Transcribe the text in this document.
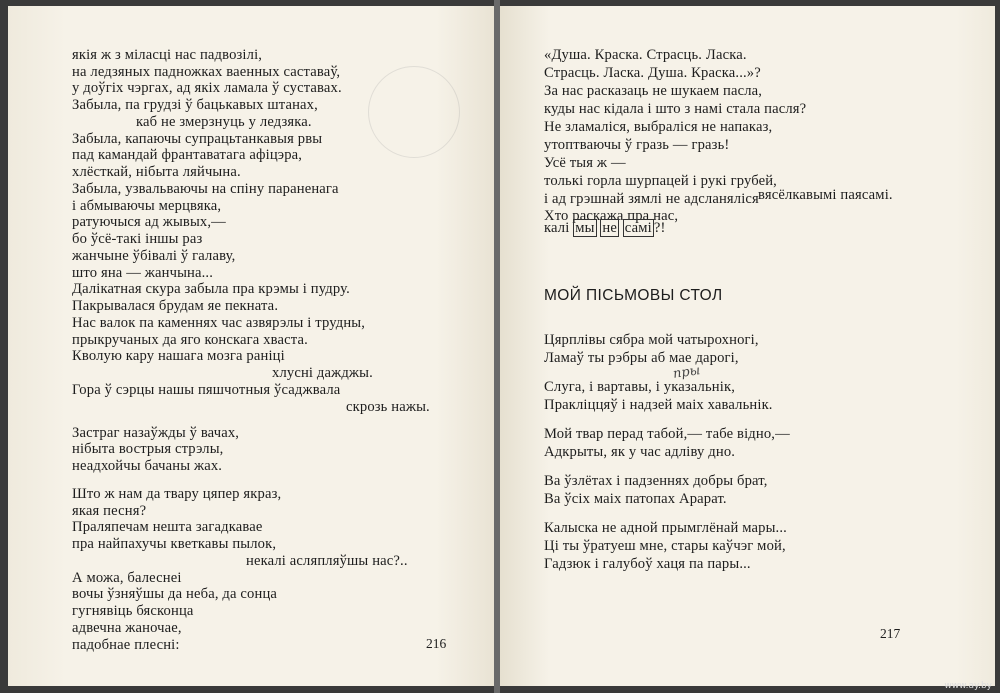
якія ж з міласці нас падвозілі,
на ледзяных падножках ваенных саставаў,
у доўгіх чэргах, ад якіх ламала ў суставах.
Забыла, па грудзі ў бацькавых штанах,
каб не змерзнуць у ледзяка.
Забыла, капаючы супрацьтанкавыя рвы
пад камандай франтаватага афіцэра,
хлёсткай, нібыта ляйчына.
Забыла, узвальваючы на спіну параненага
і абмываючы мерцвяка,
ратуючыся ад жывых,—
бо ўсё-такі іншы раз
жанчыне ўбівалі ў галаву,
што яна — жанчына...
Далікатная скура забыла пра крэмы і пудру.
Пакрывалася брудам яе пекната.
Нас валок па каменнях час азвярэлы і трудны,
прыкручаных да яго конскага хваста.
Кволую кару нашага мозга раніці
хлусні дажджы.
Гора ў сэрцы нашы пяшчотныя ўсаджвала
скрозь нажы.
Застраг назаўжды ў вачах,
нібыта вострыя стрэлы,
неадхойчы бачаны жах.
Што ж нам да твару цяпер якраз,
якая песня?
Праляпечам нешта загадкавае
пра найпахучы кветкавы пылок,
некалі асляпляўшы нас?..
А можа, балеснеі
вочы ўзняўшы да неба, да сонца
гугнявіць бясконца
адвечна жаночае,
падобнае плесні:	216
«Душа. Краска. Страсць. Ласка.
Страсць. Ласка. Душа. Краска...»?
За нас расказаць не шукаем пасла,
куды нас кідала і што з намі стала пасля?
Не зламаліся, выбраліся не напаказ,
утоптваючы ў гразь — гразь!
Усё тыя ж —
толькі горла шурпацей і рукі грубей,
і ад грэшнай зямлі не адсланяліся вясёлкавымі паясамі.
Хто раскажа пра нас,
калі мы не самі ?!
МОЙ ПІСЬМОВЫ СТОЛ
Цярплівы сябра мой чатырохногі,
Ламаў ты рэбры аб мае дарогі,
Слуга, і вартавы, і указальнік,
Праклiццяў і надзей маіх хавальнік.
Мой твар перад табой,— табе відно,—
Адкрыты, як у час адліву дно.
Ва ўзлётах і падзеннях добры брат,
Ва ўсіх маіх патопах Арарат.
Калыска не адной прымглёнай мары...
Ці ты ўратуеш мне, стары каўчэг мой,
Гадзюк і галубоў хаця па пары...
пры
217
www.ay.by
